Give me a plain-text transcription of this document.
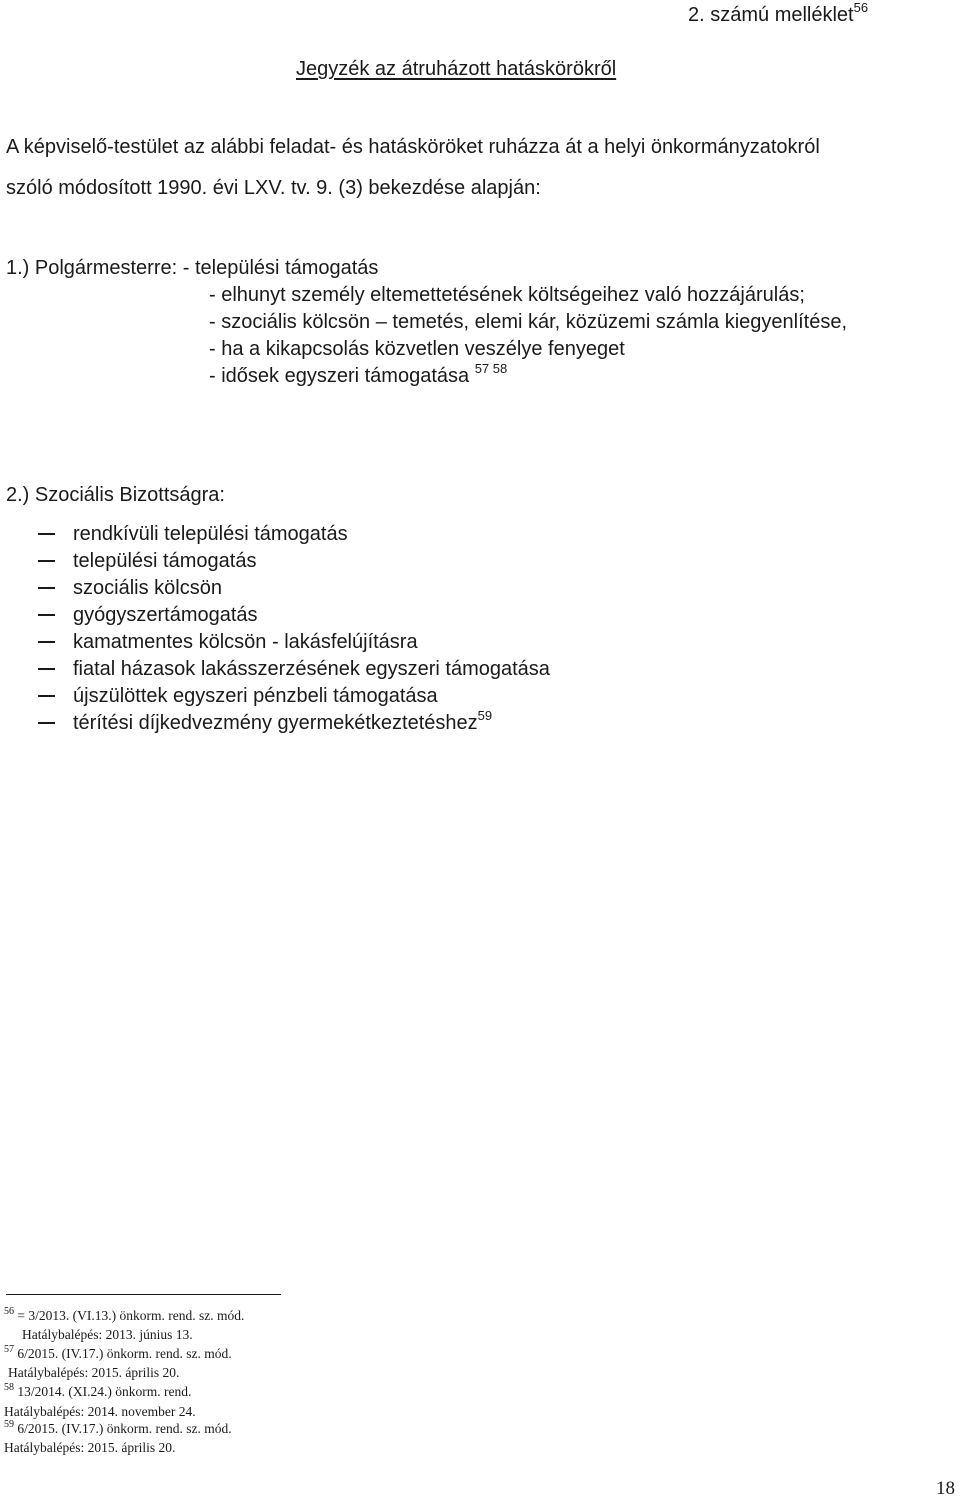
2. számú melléklet$^{56}$
Jegyzék az átruházott hatáskörökről
A képviselő-testület az alábbi feladat- és hatásköröket ruházza át a helyi önkormányzatokról
szóló módosított 1990. évi LXV. tv. 9. (3) bekezdése alapján:
1.) Polgármesterre: - települési támogatás
- elhunyt személy eltemettetésének költségeihez való hozzájárulás;
- szociális kölcsön – temetés, elemi kár, közüzemi számla kiegyenlítése,
- ha a kikapcsolás közvetlen veszélye fenyeget
- idősek egyszeri támogatása $^{57 58}$
2.) Szociális Bizottságra:
rendkívüli települési támogatás
települési támogatás
szociális kölcsön
gyógyszertámogatás
kamatmentes kölcsön - lakásfelújításra
fiatal házasok lakásszerzésének egyszeri támogatása
újszülöttek egyszeri pénzbeli támogatása
térítési díjkedvezmény gyermekétkeztetéshez$^{59}$
$^{56}$ = 3/2013. (VI.13.) önkorm. rend. sz. mód.
Hatálybalépés: 2013. június 13.
$^{57}$ 6/2015. (IV.17.) önkorm. rend. sz. mód.
Hatálybalépés: 2015. április 20.
$^{58}$ 13/2014. (XI.24.) önkorm. rend.
Hatálybalépés: 2014. november 24.
$^{59}$ 6/2015. (IV.17.) önkorm. rend. sz. mód.
Hatálybalépés: 2015. április 20.
18
